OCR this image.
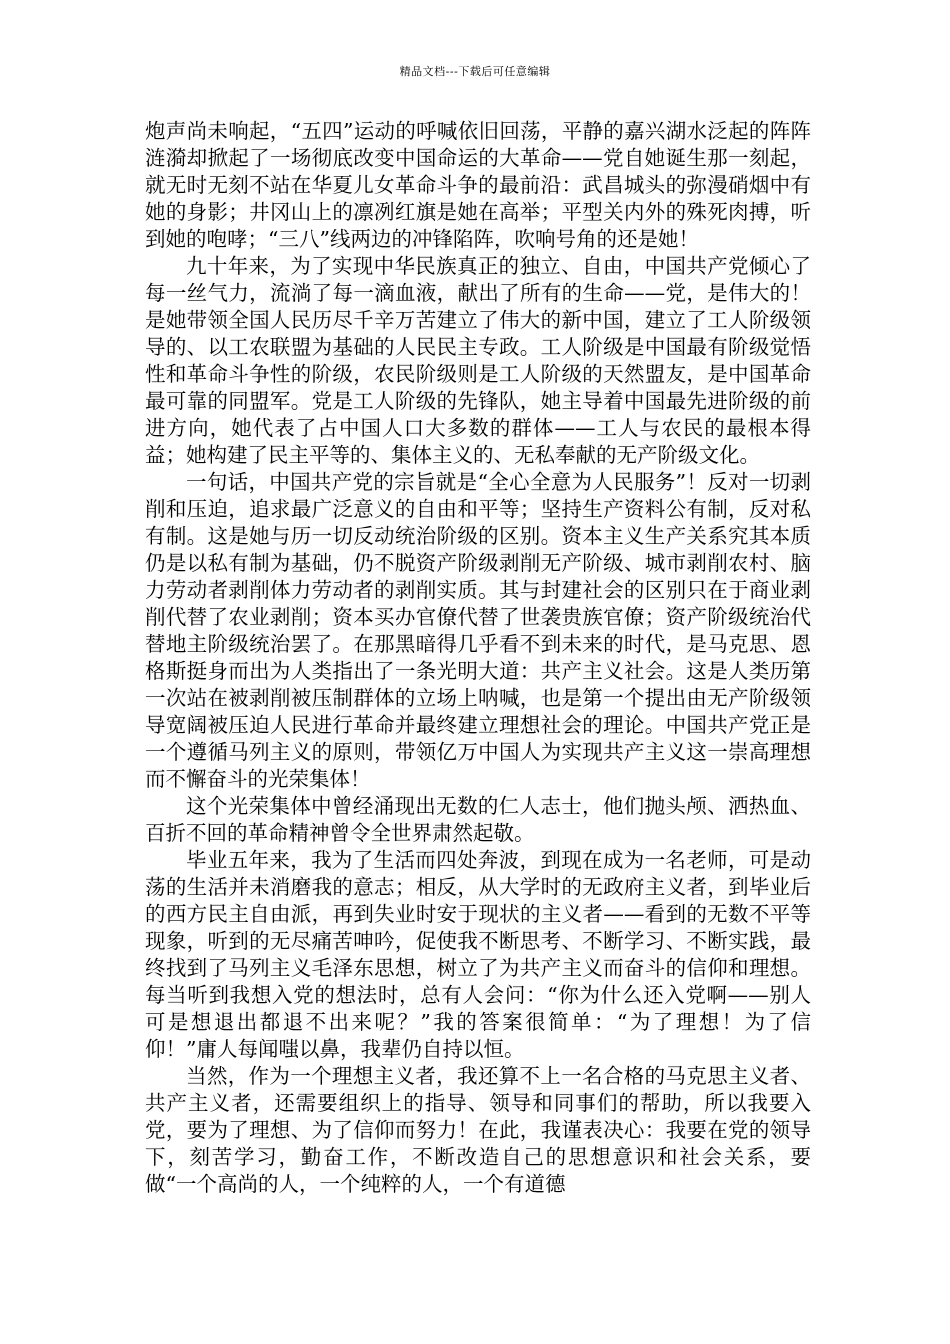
精品文档---下载后可任意编辑

炮声尚未响起，“五四”运动的呼喊依旧回荡，平静的嘉兴湖水泛起的阵阵涟漪却掀起了一场彻底改变中国命运的大革命——党自她诞生那一刻起，就无时无刻不站在华夏儿女革命斗争的最前沿：武昌城头的弥漫硝烟中有她的身影；井冈山上的凛冽红旗是她在高举；平型关内外的殊死肉搏，听到她的咆哮；“三八”线两边的冲锋陷阵，吹响号角的还是她！

九十年来，为了实现中华民族真正的独立、自由，中国共产党倾心了每一丝气力，流淌了每一滴血液，献出了所有的生命——党，是伟大的！是她带领全国人民历尽千辛万苦建立了伟大的新中国，建立了工人阶级领导的、以工农联盟为基础的人民民主专政。工人阶级是中国最有阶级觉悟性和革命斗争性的阶级，农民阶级则是工人阶级的天然盟友，是中国革命最可靠的同盟军。党是工人阶级的先锋队，她主导着中国最先进阶级的前进方向，她代表了占中国人口大多数的群体——工人与农民的最根本得益；她构建了民主平等的、集体主义的、无私奉献的无产阶级文化。

一句话，中国共产党的宗旨就是“全心全意为人民服务”！反对一切剥削和压迫，追求最广泛意义的自由和平等；坚持生产资料公有制，反对私有制。这是她与历一切反动统治阶级的区别。资本主义生产关系究其本质仍是以私有制为基础，仍不脱资产阶级剥削无产阶级、城市剥削农村、脑力劳动者剥削体力劳动者的剥削实质。其与封建社会的区别只在于商业剥削代替了农业剥削；资本买办官僚代替了世袭贵族官僚；资产阶级统治代替地主阶级统治罢了。在那黑暗得几乎看不到未来的时代，是马克思、恩格斯挺身而出为人类指出了一条光明大道：共产主义社会。这是人类历第一次站在被剥削被压制群体的立场上呐喊，也是第一个提出由无产阶级领导宽阔被压迫人民进行革命并最终建立理想社会的理论。中国共产党正是一个遵循马列主义的原则，带领亿万中国人为实现共产主义这一崇高理想而不懈奋斗的光荣集体！

这个光荣集体中曾经涌现出无数的仁人志士，他们抛头颅、洒热血、百折不回的革命精神曾令全世界肃然起敬。

毕业五年来，我为了生活而四处奔波，到现在成为一名老师，可是动荡的生活并未消磨我的意志；相反，从大学时的无政府主义者，到毕业后的西方民主自由派，再到失业时安于现状的主义者——看到的无数不平等现象，听到的无尽痛苦呻吟，促使我不断思考、不断学习、不断实践，最终找到了马列主义毛泽东思想，树立了为共产主义而奋斗的信仰和理想。每当听到我想入党的想法时，总有人会问：“你为什么还入党啊——别人可是想退出都退不出来呢？”我的答案很简单：“为了理想！为了信仰！”庸人每闻嗤以鼻，我辈仍自持以恒。

当然，作为一个理想主义者，我还算不上一名合格的马克思主义者、共产主义者，还需要组织上的指导、领导和同事们的帮助，所以我要入党，要为了理想、为了信仰而努力！在此，我谨表决心：我要在党的领导下，刻苦学习，勤奋工作，不断改造自己的思想意识和社会关系，要做“一个高尚的人，一个纯粹的人，一个有道德
